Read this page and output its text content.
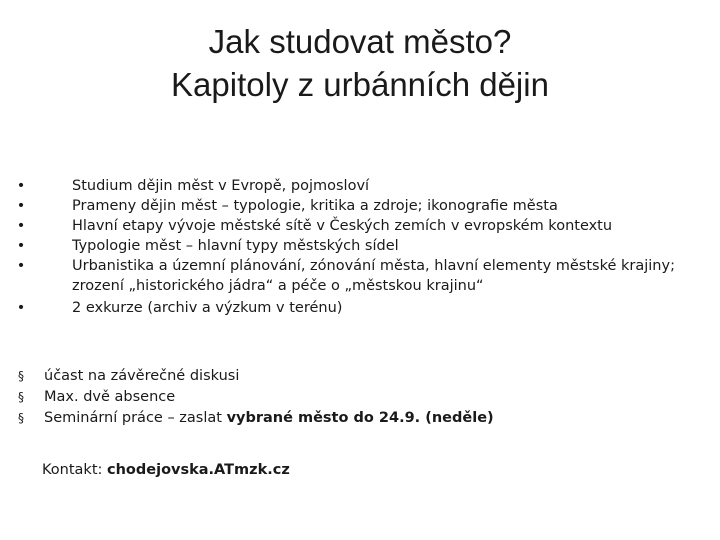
Jak studovat město?
Kapitoly z urbánních dějin
•	Studium dějin měst v Evropě, pojmosloví
•	Prameny dějin měst – typologie, kritika a zdroje; ikonografie města
•	Hlavní etapy vývoje městské sítě v Českých zemích v evropském kontextu
•	Typologie měst – hlavní typy městských sídel
•	Urbanistika a územní plánování, zónování města, hlavní elementy městské krajiny; zrození „historického jádra“ a péče o „městskou krajinu“
•	2 exkurze (archiv a výzkum v terénu)
§ účast na závěrečné diskusi
§ Max. dvě absence
§ Seminární práce – zaslat vybrané město do 24.9. (neděle)
Kontakt: chodejovska.ATmzk.cz
